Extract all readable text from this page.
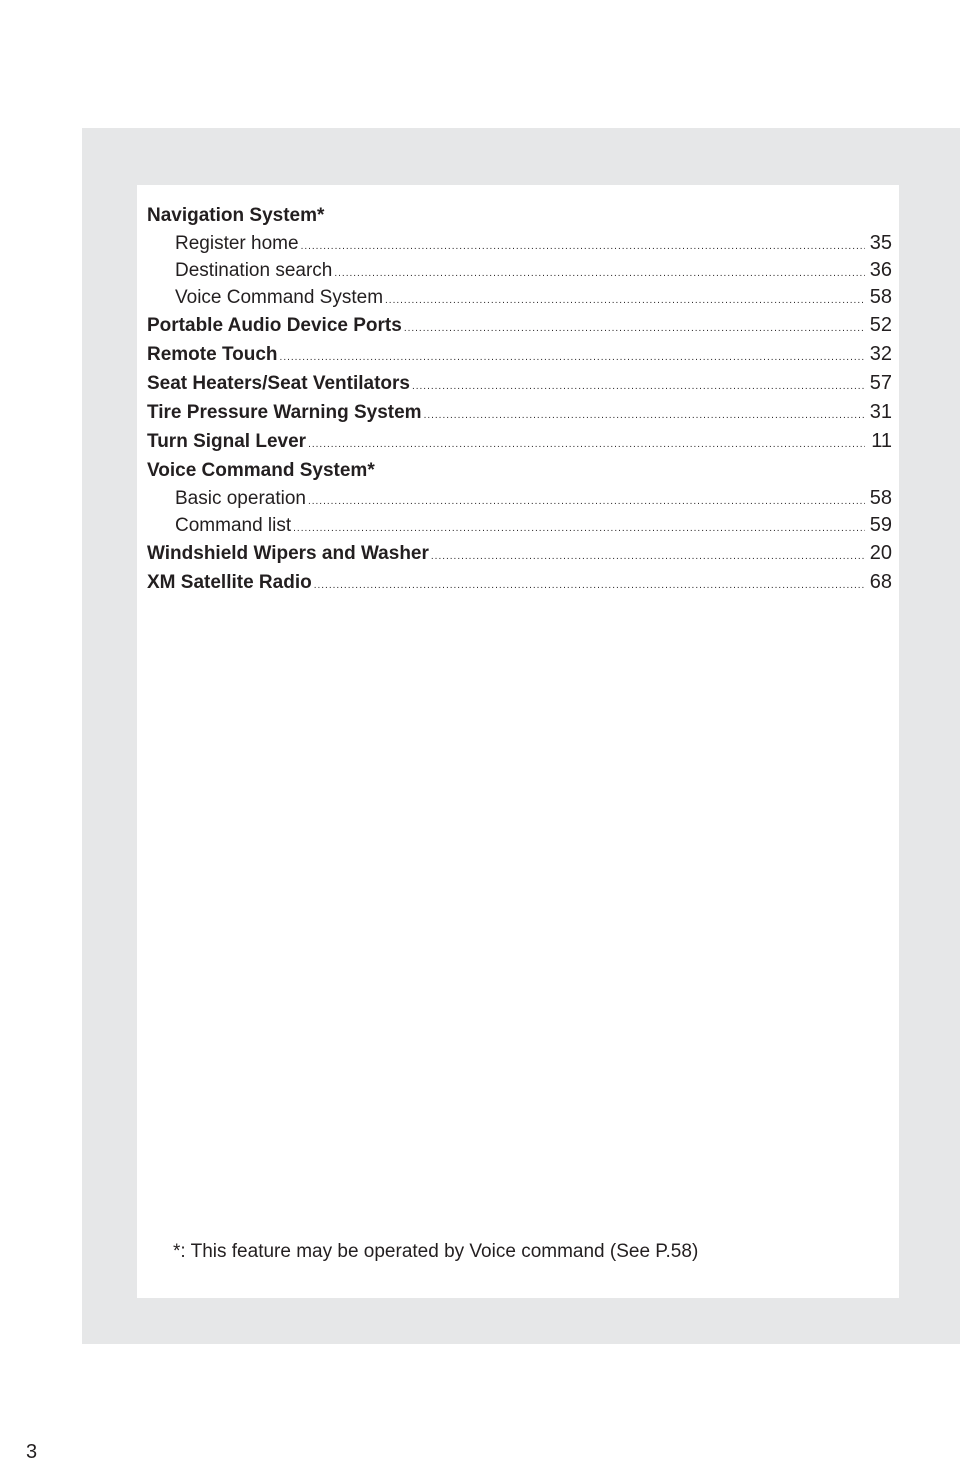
Navigation System*
Register home .....	35
Destination search .....	36
Voice Command System .....	58
Portable Audio Device Ports .....	52
Remote Touch .....	32
Seat Heaters/Seat Ventilators .....	57
Tire Pressure Warning System .....	31
Turn Signal Lever .....	11
Voice Command System*
Basic operation .....	58
Command list .....	59
Windshield Wipers and Washer .....	20
XM Satellite Radio .....	68
*: This feature may be operated by Voice command (See P.58)
3
